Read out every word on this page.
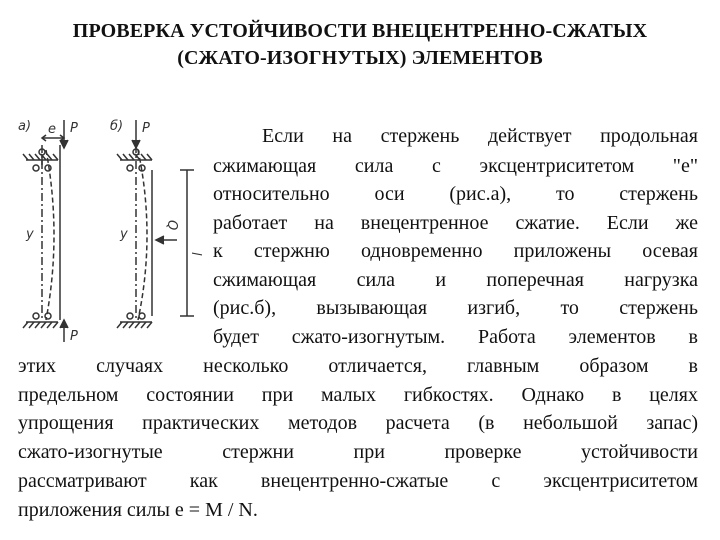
ПРОВЕРКА УСТОЙЧИВОСТИ ВНЕЦЕНТРЕННО-СЖАТЫХ
(СЖАТО-ИЗОГНУТЫХ) ЭЛЕМЕНТОВ
a) e P
y
P
б) P
y
Q
l
Если на стержень действует продольная
сжимающая сила с эксцентриситетом "e"
относительно оси (рис.а), то стержень
работает на внецентренное сжатие. Если же
к стержню одновременно приложены осевая
сжимающая сила и поперечная нагрузка
(рис.б), вызывающая изгиб, то стержень
будет сжато-изогнутым. Работа элементов в
этих случаях несколько отличается, главным образом в
предельном состоянии при малых гибкостях. Однако в целях
упрощения практических методов расчета (в небольшой запас)
сжато-изогнутые стержни при проверке устойчивости
рассматривают как внецентренно-сжатые с эксцентриситетом
приложения силы e = M / N.
